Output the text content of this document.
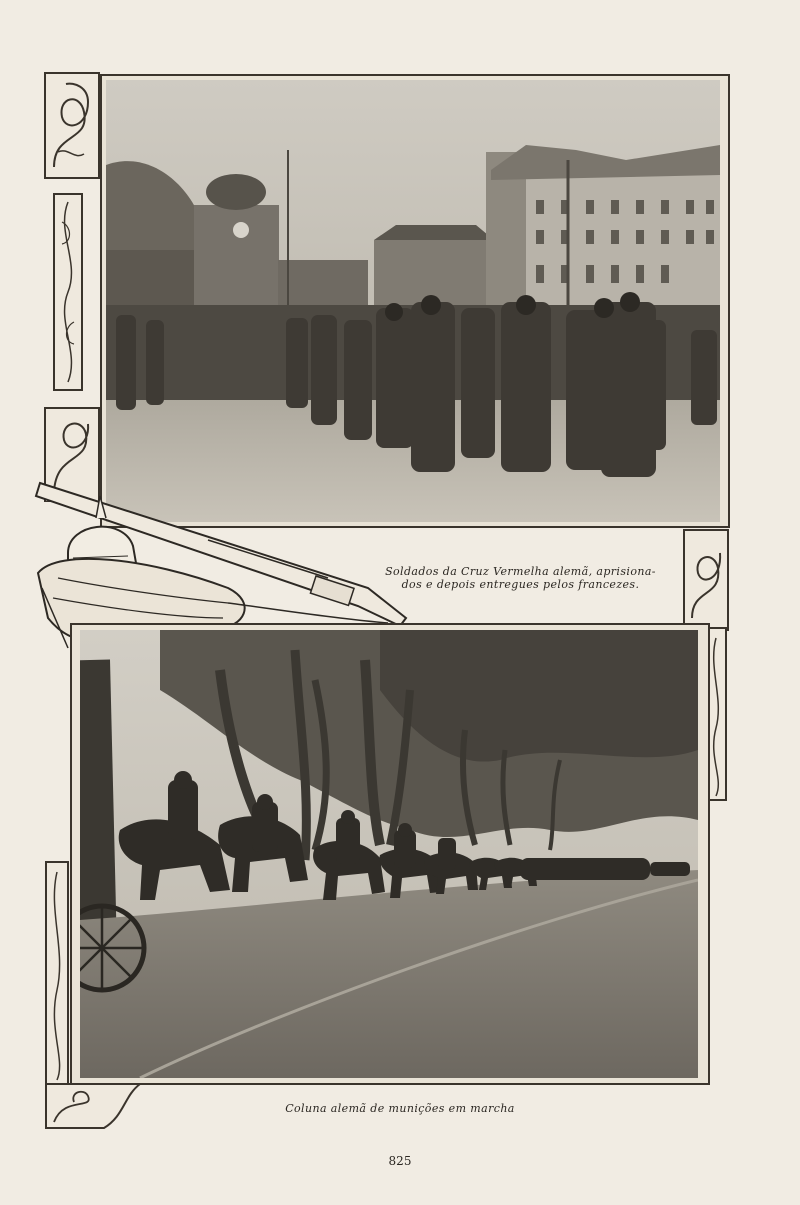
Soldados da Cruz Vermelha alemã, aprisiona-
dos e depois entregues pelos francezes.
Coluna alemã de munições em marcha
825
